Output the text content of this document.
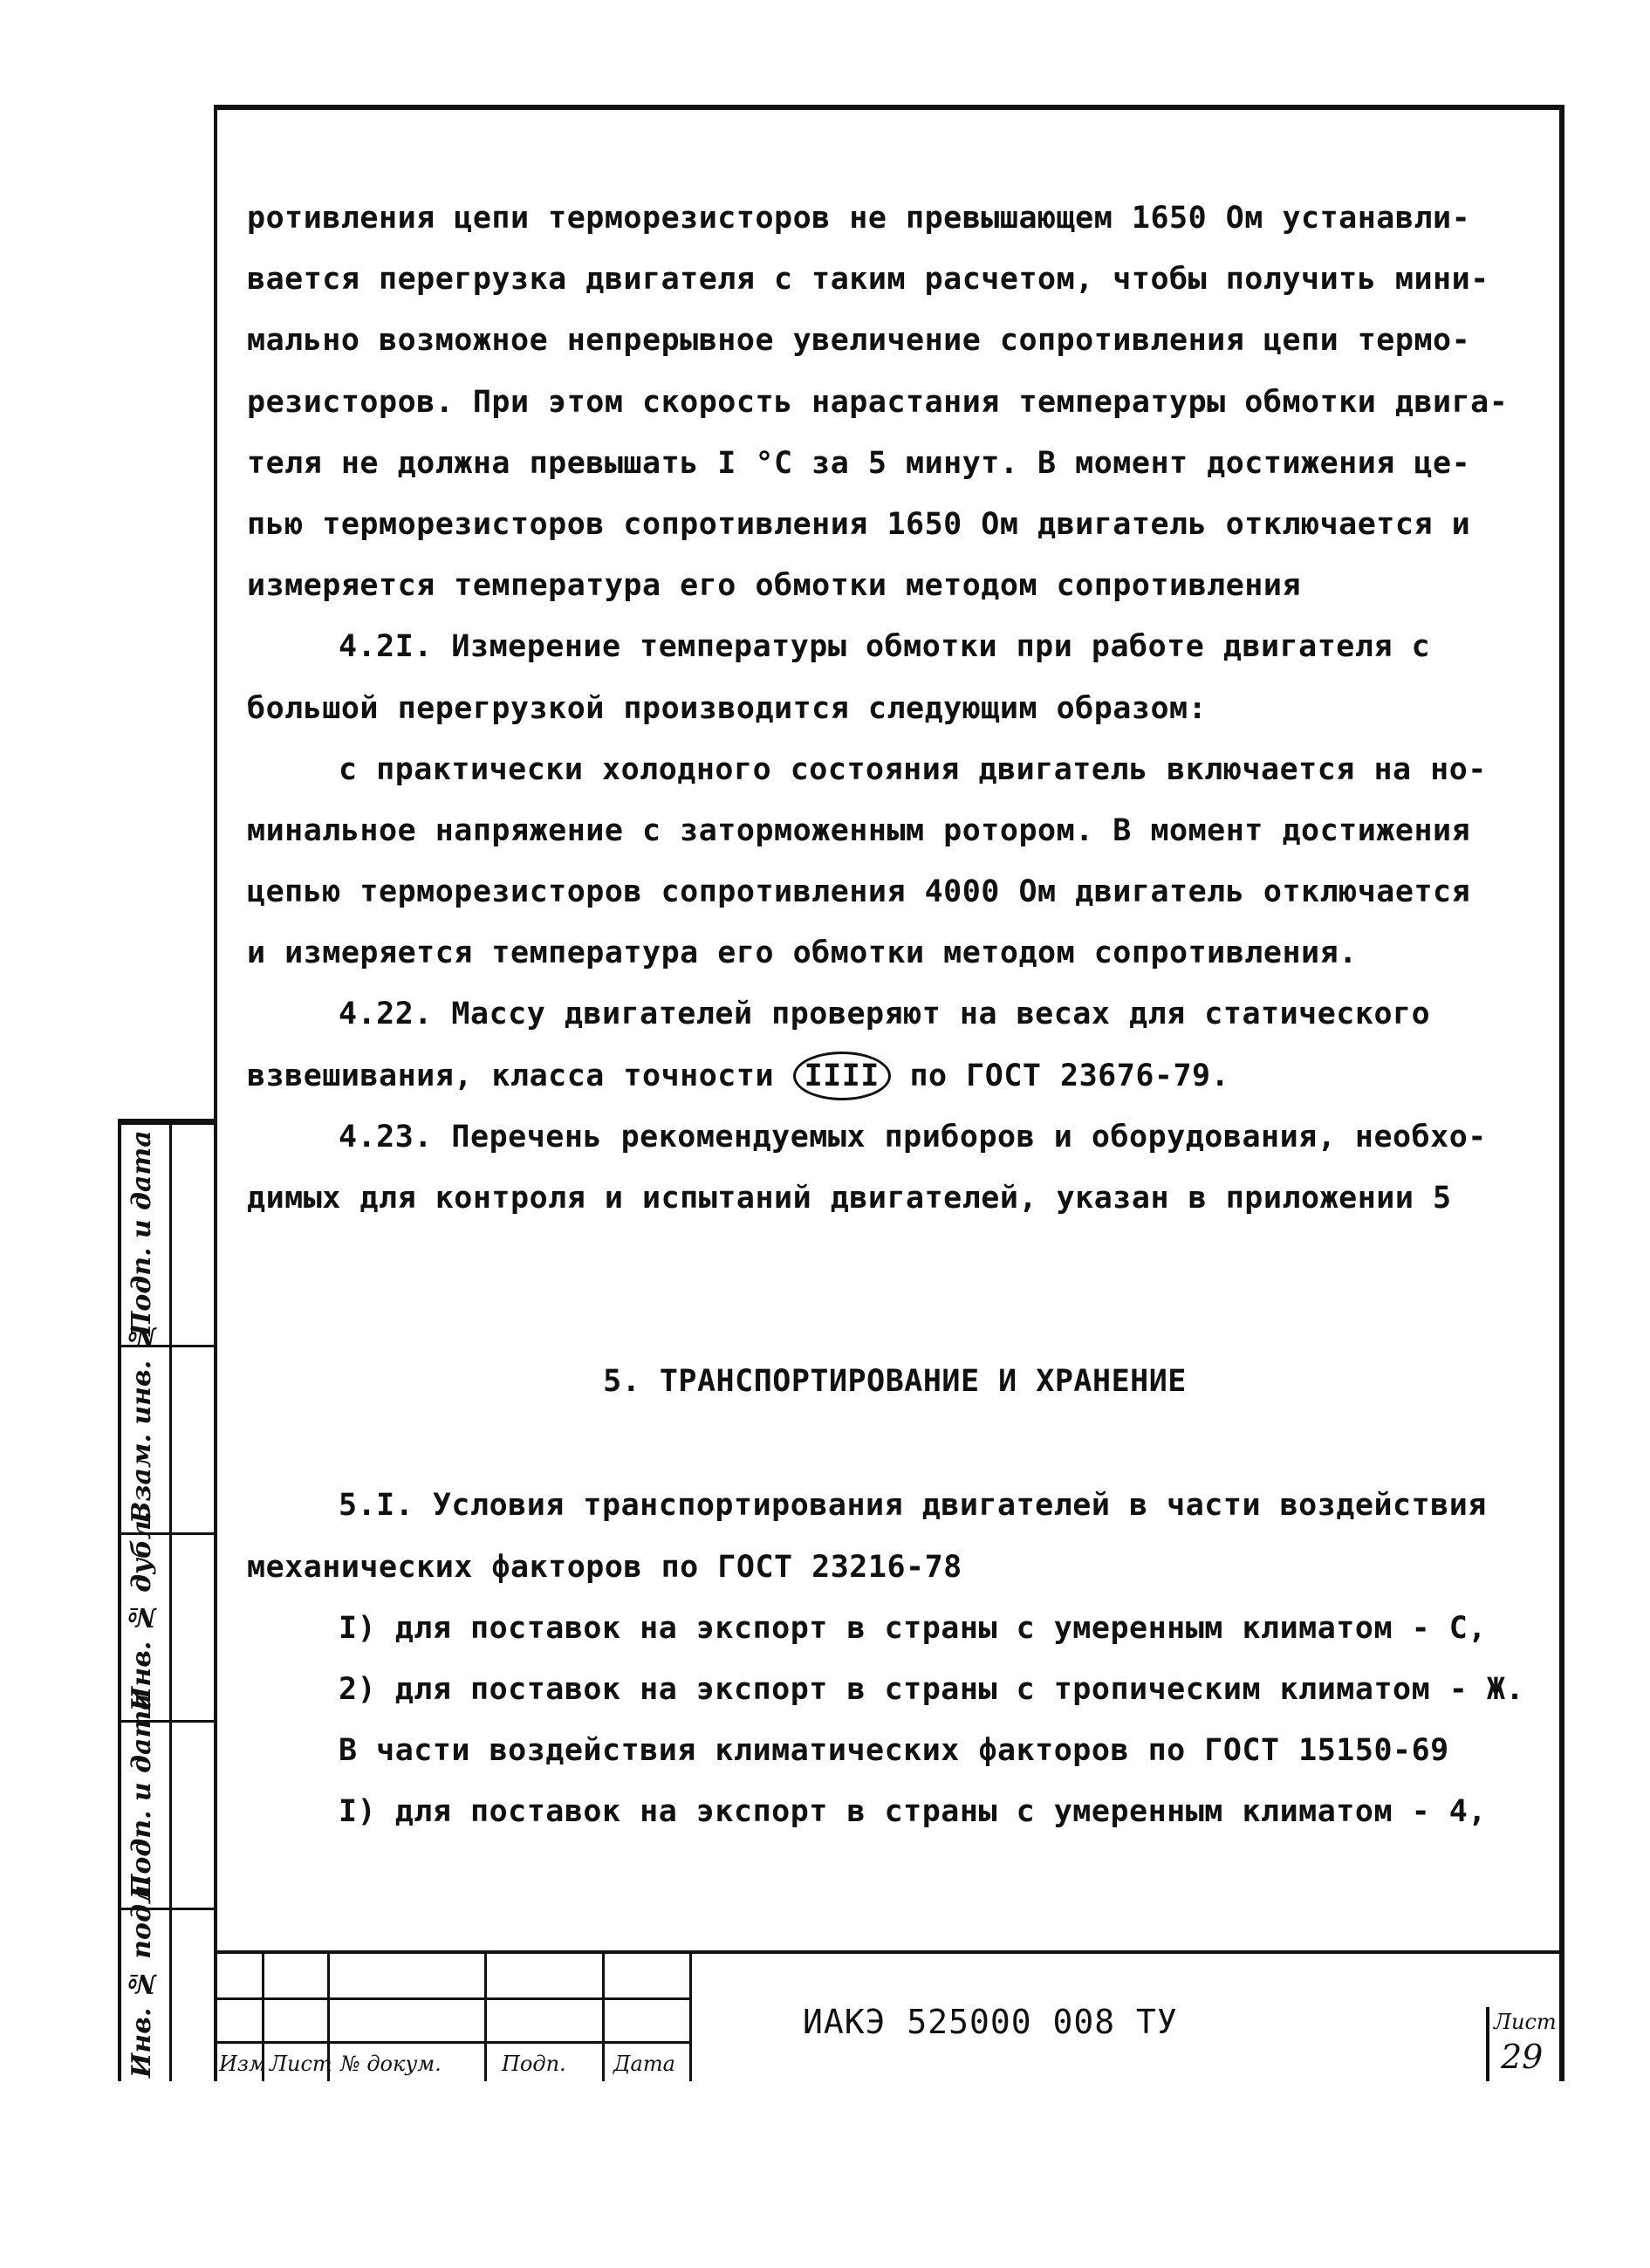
ротивления цепи терморезисторов не превышающем 1650 Ом устанавли-
вается перегрузка двигателя с таким расчетом, чтобы получить мини-
мально возможное непрерывное увеличение сопротивления цепи термо-
резисторов. При этом скорость нарастания температуры обмотки двига-
теля не должна превышать I °C за 5 минут. В момент достижения це-
пью терморезисторов сопротивления 1650 Ом двигатель отключается и
измеряется температура его обмотки методом сопротивления
4.2I. Измерение температуры обмотки при работе двигателя с
большой перегрузкой производится следующим образом:
с практически холодного состояния двигатель включается на но-
минальное напряжение с заторможенным ротором. В момент достижения
цепью терморезисторов сопротивления 4000 Ом двигатель отключается
и измеряется температура его обмотки методом сопротивления.
4.22. Массу двигателей проверяют на весах для статического
взвешивания, класса точности IIII по ГОСТ 23676-79.
4.23. Перечень рекомендуемых приборов и оборудования, необхо-
димых для контроля и испытаний двигателей, указан в приложении 5
5. ТРАНСПОРТИРОВАНИЕ И ХРАНЕНИЕ
5.I. Условия транспортирования двигателей в части воздействия
механических факторов по ГОСТ 23216-78
I) для поставок на экспорт в страны с умеренным климатом - С,
2) для поставок на экспорт в страны с тропическим климатом - Ж.
В части воздействия климатических факторов по ГОСТ 15150-69
I) для поставок на экспорт в страны с умеренным климатом - 4,
Подп. и дата
Взам. инв. №
Инв. № дубл.
Подп. и дата
Инв. № подл.	Изм Лист № докум.	Подп. Дата
ИАКЭ 525000 008 ТУ	Лист
29
